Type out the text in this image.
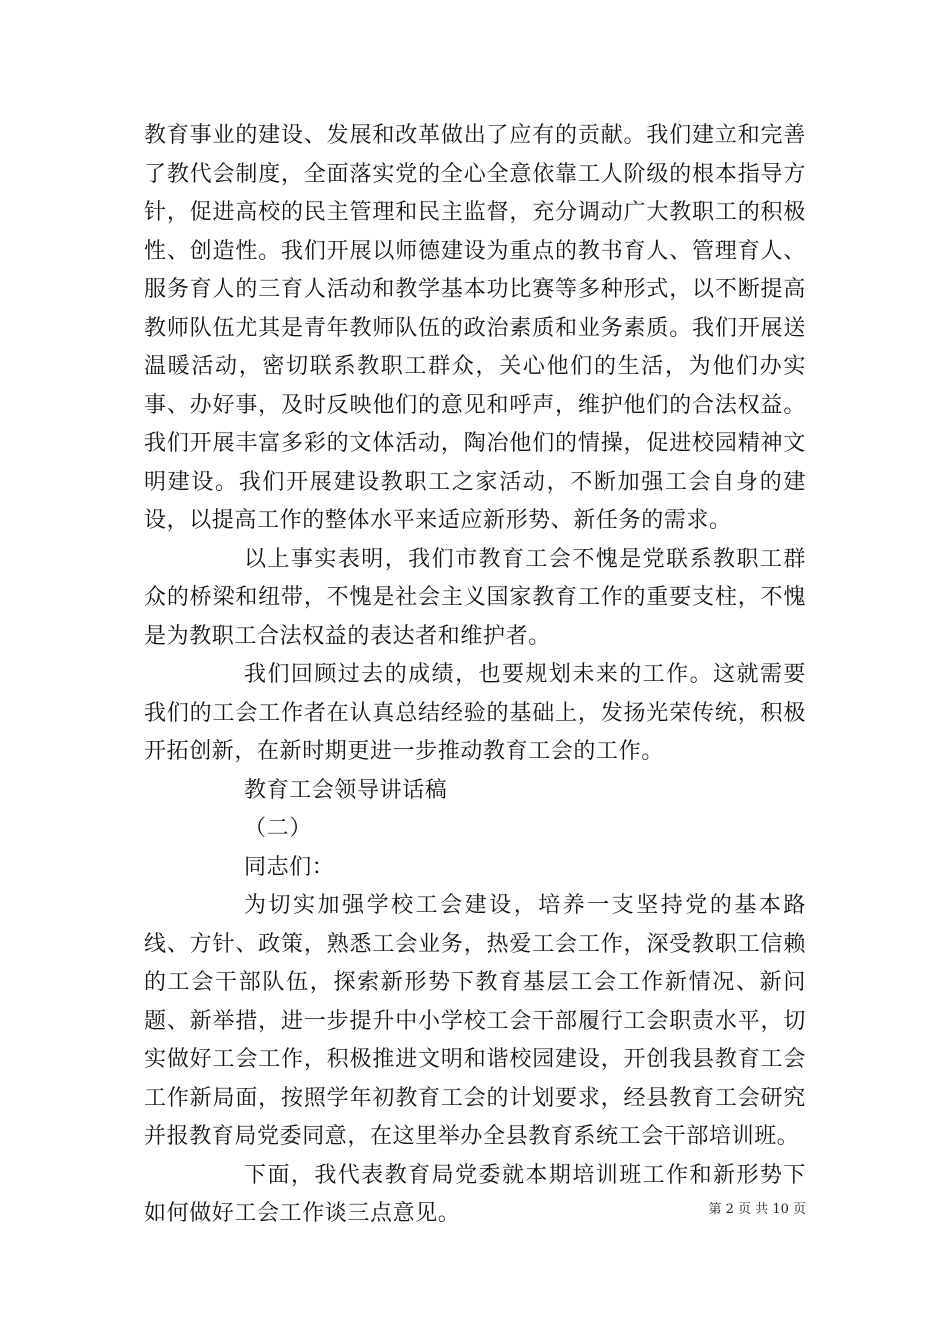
教育事业的建设、发展和改革做出了应有的贡献。我们建立和完善了教代会制度，全面落实党的全心全意依靠工人阶级的根本指导方针，促进高校的民主管理和民主监督，充分调动广大教职工的积极性、创造性。我们开展以师德建设为重点的教书育人、管理育人、服务育人的三育人活动和教学基本功比赛等多种形式，以不断提高教师队伍尤其是青年教师队伍的政治素质和业务素质。我们开展送温暖活动，密切联系教职工群众，关心他们的生活，为他们办实事、办好事，及时反映他们的意见和呼声，维护他们的合法权益。我们开展丰富多彩的文体活动，陶冶他们的情操，促进校园精神文明建设。我们开展建设教职工之家活动，不断加强工会自身的建设，以提高工作的整体水平来适应新形势、新任务的需求。

以上事实表明，我们市教育工会不愧是党联系教职工群众的桥梁和纽带，不愧是社会主义国家教育工作的重要支柱，不愧是为教职工合法权益的表达者和维护者。

我们回顾过去的成绩，也要规划未来的工作。这就需要我们的工会工作者在认真总结经验的基础上，发扬光荣传统，积极开拓创新，在新时期更进一步推动教育工会的工作。

教育工会领导讲话稿

（二）

同志们：

为切实加强学校工会建设，培养一支坚持党的基本路线、方针、政策，熟悉工会业务，热爱工会工作，深受教职工信赖的工会干部队伍，探索新形势下教育基层工会工作新情况、新问题、新举措，进一步提升中小学校工会干部履行工会职责水平，切实做好工会工作，积极推进文明和谐校园建设，开创我县教育工会工作新局面，按照学年初教育工会的计划要求，经县教育工会研究并报教育局党委同意，在这里举办全县教育系统工会干部培训班。

下面，我代表教育局党委就本期培训班工作和新形势下如何做好工会工作谈三点意见。	第 2 页 共 10 页
